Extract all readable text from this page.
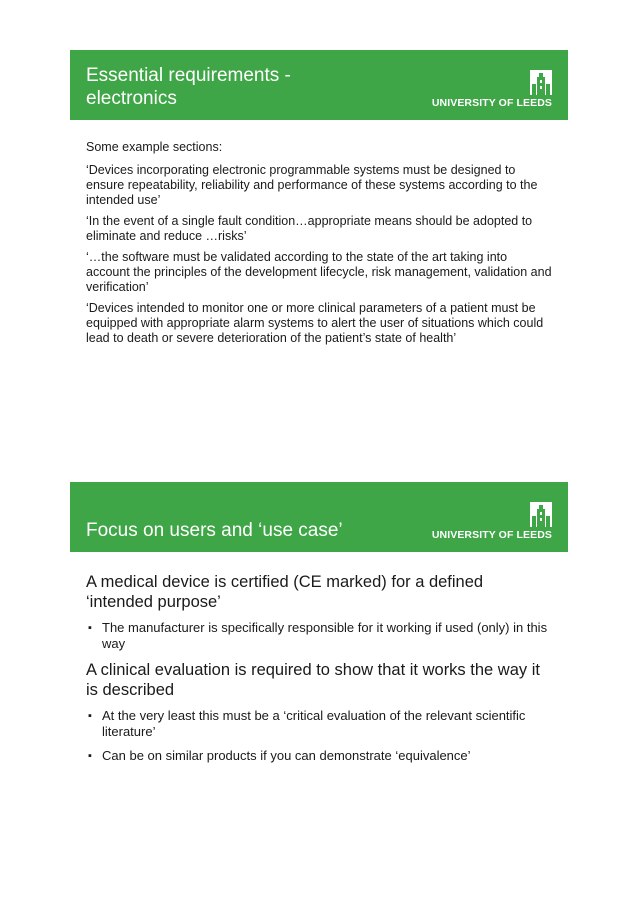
Essential requirements -
electronics	UNIVERSITY OF LEEDS

Some example sections:

‘Devices incorporating electronic programmable systems must be designed to ensure repeatability, reliability and performance of these systems according to the intended use’

‘In the event of a single fault condition…appropriate means should be adopted to eliminate and reduce …risks’

‘…the software must be validated according to the state of the art taking into account the principles of the development lifecycle, risk management, validation and verification’

‘Devices intended to monitor one or more clinical parameters of a patient must be equipped with appropriate alarm systems to alert the user of situations which could lead to death or severe deterioration of the patient’s state of health’

Focus on users and ‘use case’	UNIVERSITY OF LEEDS

A medical device is certified (CE marked) for a defined ‘intended purpose’

▪ The manufacturer is specifically responsible for it working if used (only) in this way

A clinical evaluation is required to show that it works the way it is described

▪ At the very least this must be a ‘critical evaluation of the relevant scientific literature’
▪ Can be on similar products if you can demonstrate ‘equivalence’
